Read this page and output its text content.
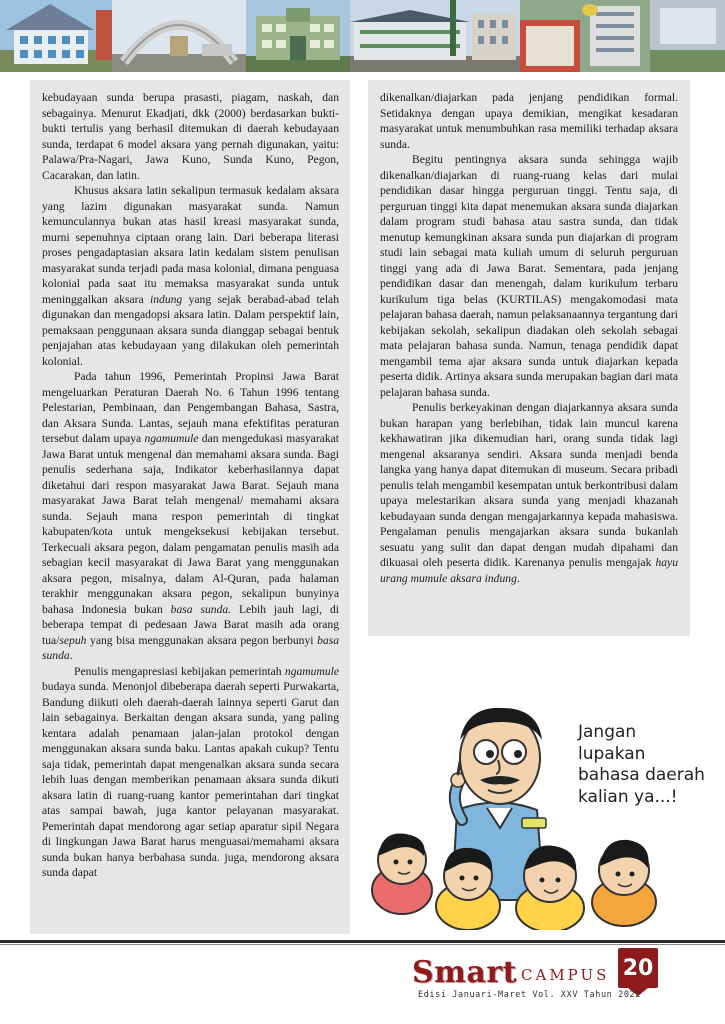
kebudayaan sunda berupa prasasti, piagam, naskah, dan sebagainya. Menurut Ekadjati, dkk (2000) berdasarkan bukti-bukti tertulis yang berhasil ditemukan di daerah kebudayaan sunda, terdapat 6 model aksara yang pernah digunakan, yaitu: Palawa/Pra-Nagari, Jawa Kuno, Sunda Kuno, Pegon, Cacarakan, dan latin.

Khusus aksara latin sekalipun termasuk kedalam aksara yang lazim digunakan masyarakat sunda. Namun kemunculannya bukan atas hasil kreasi masyarakat sunda, murni sepenuhnya ciptaan orang lain. Dari beberapa literasi proses pengadaptasian aksara latin kedalam sistem penulisan masyarakat sunda terjadi pada masa kolonial, dimana penguasa kolonial pada saat itu memaksa masyarakat sunda untuk meninggalkan aksara indung yang sejak berabad-abad telah digunakan dan mengadopsi aksara latin. Dalam perspektif lain, pemaksaan penggunaan aksara sunda dianggap sebagai bentuk penjajahan atas kebudayaan yang dilakukan oleh pemerintah kolonial.

Pada tahun 1996, Pemerintah Propinsi Jawa Barat mengeluarkan Peraturan Daerah No. 6 Tahun 1996 tentang Pelestarian, Pembinaan, dan Pengembangan Bahasa, Sastra, dan Aksara Sunda. Lantas, sejauh mana efektifitas peraturan tersebut dalam upaya ngamumule dan mengedukasi masyarakat Jawa Barat untuk mengenal dan memahami aksara sunda. Bagi penulis sederhana saja, Indikator keberhasilannya dapat diketahui dari respon masyarakat Jawa Barat. Sejauh mana masyarakat Jawa Barat telah mengenal/ memahami aksara sunda. Sejauh mana respon pemerintah di tingkat kabupaten/kota untuk mengeksekusi kebijakan tersebut. Terkecuali aksara pegon, dalam pengamatan penulis masih ada sebagian kecil masyarakat di Jawa Barat yang menggunakan aksara pegon, misalnya, dalam Al-Quran, pada halaman terakhir menggunakan aksara pegon, sekalipun bunyinya bahasa Indonesia bukan basa sunda. Lebih jauh lagi, di beberapa tempat di pedesaan Jawa Barat masih ada orang tua/sepuh yang bisa menggunakan aksara pegon berbunyi basa sunda.

Penulis mengapresiasi kebijakan pemerintah ngamumule budaya sunda. Menonjol dibeberapa daerah seperti Purwakarta, Bandung diikuti oleh daerah-daerah lainnya seperti Garut dan lain sebagainya. Berkaitan dengan aksara sunda, yang paling kentara adalah penamaan jalan-jalan protokol dengan menggunakan aksara sunda baku. Lantas apakah cukup? Tentu saja tidak, pemerintah dapat mengenalkan aksara sunda secara lebih luas dengan memberikan penamaan aksara sunda dikuti aksara latin di ruang-ruang kantor pemerintahan dari tingkat atas sampai bawah, juga kantor pelayanan masyarakat. Pemerintah dapat mendorong agar setiap aparatur sipil Negara di lingkungan Jawa Barat harus menguasai/memahami aksara sunda bukan hanya berbahasa sunda. juga, mendorong aksara sunda dapat

dikenalkan/diajarkan pada jenjang pendidikan formal. Setidaknya dengan upaya demikian, mengikat kesadaran masyarakat untuk menumbuhkan rasa memiliki terhadap aksara sunda.

Begitu pentingnya aksara sunda sehingga wajib dikenalkan/diajarkan di ruang-ruang kelas dari mulai pendidikan dasar hingga perguruan tinggi. Tentu saja, di perguruan tinggi kita dapat menemukan aksara sunda diajarkan dalam program studi bahasa atau sastra sunda, dan tidak menutup kemungkinan aksara sunda pun diajarkan di program studi lain sebagai mata kuliah umum di seluruh perguruan tinggi yang ada di Jawa Barat. Sementara, pada jenjang pendidikan dasar dan menengah, dalam kurikulum terbaru kurikulum tiga belas (KURTILAS) mengakomodasi mata pelajaran bahasa daerah, namun pelaksanaannya tergantung dari kebijakan sekolah, sekalipun diadakan oleh sekolah sebagai mata pelajaran bahasa sunda. Namun, tenaga pendidik dapat mengambil tema ajar aksara sunda untuk diajarkan kepada peserta didik. Artinya aksara sunda merupakan bagian dari mata pelajaran bahasa sunda.

Penulis berkeyakinan dengan diajarkannya aksara sunda bukan harapan yang berlebihan, tidak lain muncul karena kekhawatiran jika dikemudian hari, orang sunda tidak lagi mengenal aksaranya sendiri. Aksara sunda menjadi benda langka yang hanya dapat ditemukan di museum. Secara pribadi penulis telah mengambil kesempatan untuk berkontribusi dalam upaya melestarikan aksara sunda yang menjadi khazanah kebudayaan sunda dengan mengajarkannya kepada mahasiswa. Pengalaman penulis mengajarkan aksara sunda bukanlah sesuatu yang sulit dan dapat dengan mudah dipahami dan dikuasai oleh peserta didik. Karenanya penulis mengajak hayu urang mumule aksara indung.

Jangan
lupakan
bahasa daerah
kalian ya...!
Smart CAMPUS 20
Edisi Januari-Maret Vol. XXV Tahun 2022
